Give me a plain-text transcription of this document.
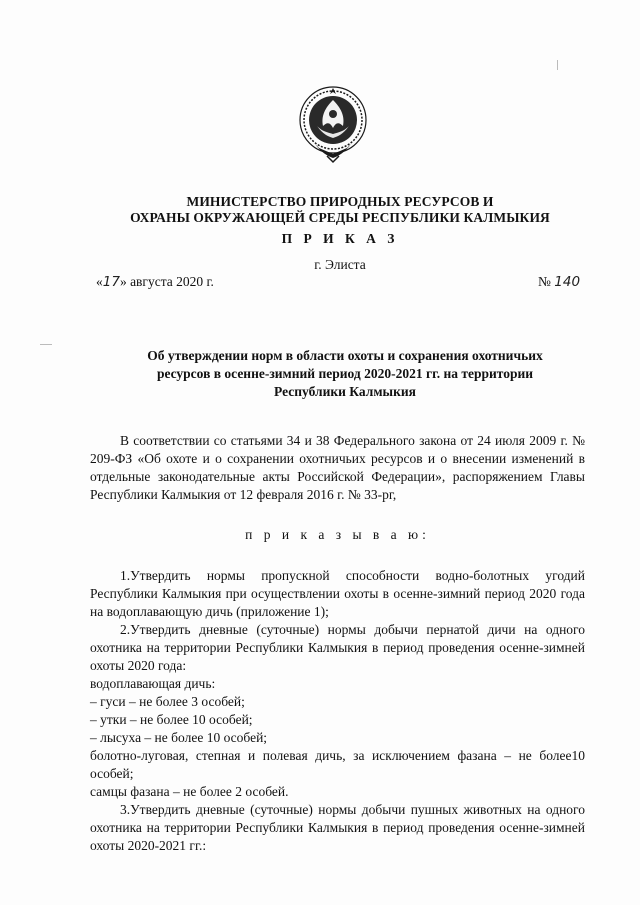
МИНИСТЕРСТВО ПРИРОДНЫХ РЕСУРСОВ И
ОХРАНЫ ОКРУЖАЮЩЕЙ СРЕДЫ РЕСПУБЛИКИ КАЛМЫКИЯ
П Р И К А З
г. Элиста
«17» августа 2020 г.	№ 140
Об утверждении норм в области охоты и сохранения охотничьих
ресурсов в осенне-зимний период 2020-2021 гг. на территории
Республики Калмыкия
В соответствии со статьями 34 и 38 Федерального закона от 24 июля 2009 г. № 209-ФЗ «Об охоте и о сохранении охотничьих ресурсов и о внесении изменений в отдельные законодательные акты Российской Федерации», распоряжением Главы Республики Калмыкия от 12 февраля 2016 г. № 33-рг,
п р и к а з ы в а ю:

1.Утвердить нормы пропускной способности водно-болотных угодий Республики Калмыкия при осуществлении охоты в осенне-зимний период 2020 года на водоплавающую дичь (приложение 1);

2.Утвердить дневные (суточные) нормы добычи пернатой дичи на одного охотника на территории Республики Калмыкия в период проведения осенне-зимней охоты 2020 года:

водоплавающая дичь:

– гуси – не более 3 особей;

– утки – не более 10 особей;

– лысуха – не более 10 особей;

болотно-луговая, степная и полевая дичь, за исключением фазана – не более10 особей;

самцы фазана – не более 2 особей.

3.Утвердить дневные (суточные) нормы добычи пушных животных на одного охотника на территории Республики Калмыкия в период проведения осенне-зимней охоты 2020-2021 гг.:
